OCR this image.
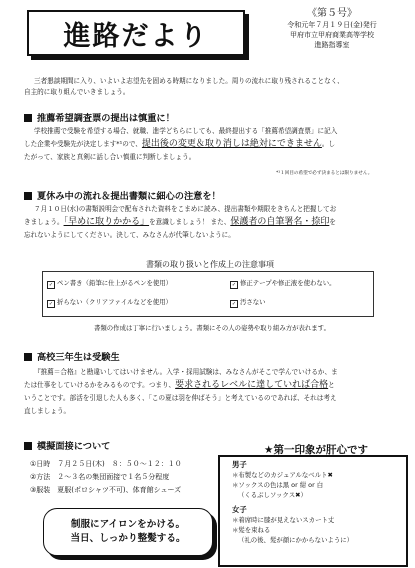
進路だより
《第５号》
令和元年７月１９日(金)発行
甲府市立甲府商業高等学校
進路指導室
三者懇談期間に入り、いよいよ志望先を固める時期になりました。周りの流れに取り残されることなく、
自主的に取り組んでいきましょう。
推薦希望調査票の提出は慎重に！
学校推薦で受験を希望する場合、就職、進学どちらにしても、最終提出する「推薦希望調査票」に記入
した企業や受験先が決定します*¹ので、提出後の変更＆取り消しは絶対にできません。し
たがって、家族と真剣に話し合い慎重に判断しましょう。
*¹１回目の希望で必ず決まるとは限りません。
夏休み中の流れ＆提出書類に細心の注意を！
７月１０日(水)の書類説明会で配布された資料をこまめに読み、提出書類や期限をきちんと把握してお
きましょう。「早めに取りかかる」を意識しましょう！ また、保護者の自筆署名・捺印を
忘れないようにしてください。決して、みなさんが代筆しないように。
書類の取り扱いと作成上の注意事項
✓ ペン書き（鉛筆に仕上がるペンを使用）	✓ 修正テープや修正液を使わない。
✓ 折らない（クリアファイルなどを使用）	✓ 汚さない
書類の作成は丁寧に行いましょう。書類にその人の姿勢や取り組み方が表れます。
高校三年生は受験生
『推薦＝合格』と勘違いしてはいけません。入学・採用試験は、みなさんがそこで学んでいけるか、ま
たは仕事をしていけるかをみるものです。つまり、要求されるレベルに達していれば合格と
いうことです。部活を引退した人も多く、「この夏は羽を伸ばそう」と考えているのであれば、それは考え
直しましょう。
模擬面接について
①日時　７月２５日(木)　８：５０～１２：１０
②方法　２～３名の集団面接で１名５分程度
③服装　夏服(ポロシャツ不可)、体育館シューズ
制服にアイロンをかける。
当日、しっかり整髪する。
★第一印象が肝心です
男子
＊布製などのカジュアルなベルト✖
＊ソックスの色は黒 or 紺 or 白
（くるぶしソックス✖）
女子
＊着席時に膝が見えないスカート丈
＊髪を束ねる
（礼の後、髪が顔にかからないように）
